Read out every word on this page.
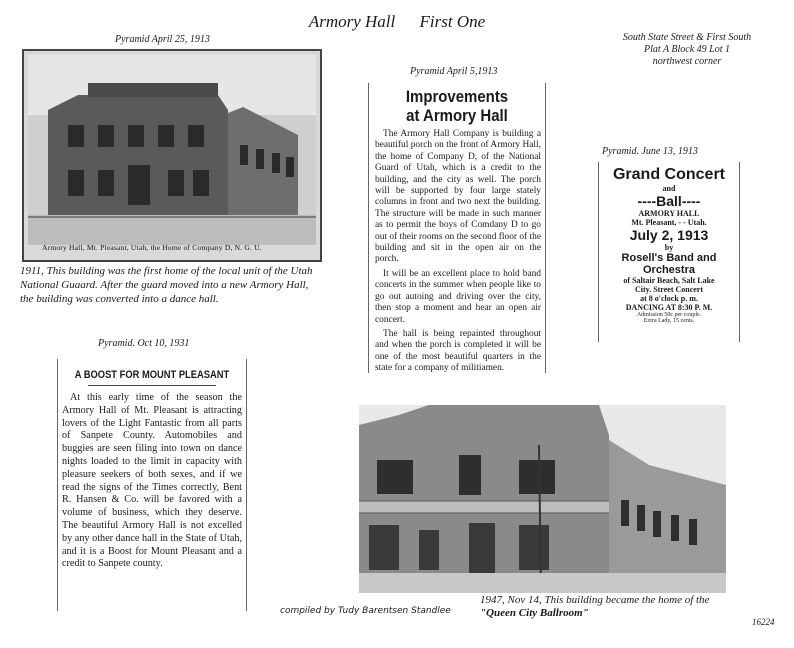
Armory Hall First One
South State Street & First South
Plat A Block 49 Lot 1
northwest corner
Pyramid April 25, 1913
Armory Hall, Mt. Pleasant, Utah, the Home of Company D, N. G. U.
1911, This building was the first home of the local unit of the Utah National Guaard. After the guard moved into a new Armory Hall, the building was converted into a dance hall.
Pyramid April 5,1913
Improvements
at Armory Hall

The Armory Hall Company is building a beautiful porch on the front of Armory Hall, the home of Company D, of the National Guard of Utah, which is a credit to the building, and the city as well. The porch will be supported by four large stately columns in front and two next the building. The structure will be made in such manner as to permit the boys of Comdany D to go out of their rooms on the second floor of the building and sit in the open air on the porch.

It will be an excellent place to hold band concerts in the summer when people like to go out autoing and driving over the city, then stop a moment and hear an open air concert.

The hall is being repainted throughout and when the porch is completed it will be one of the most beautiful quarters in the state for a company of militiamen.

Pyramid. June 13, 1913
Grand Concert
and
----Ball----
ARMORY HALL
Mt. Pleasant, - - Utah.
July 2, 1913
by
Rosell's Band and
Orchestra
of Saltair Beach, Salt Lake
City. Street Concert
at 8 o'clock p. m.
DANCING AT 8:30 P. M.
Admission 50c per couple.
Extra Lady, 15 cents.
Pyramid. Oct 10, 1931
A BOOST FOR MOUNT PLEASANT
At this early time of the season the Armory Hall of Mt. Pleasant is attracting lovers of the Light Fantastic from all parts of Sanpete County. Automobiles and buggies are seen filing into town on dance nights loaded to the limit in capacity with pleasure seekers of both sexes, and if we read the signs of the Times correctly, Bent R. Hansen & Co. will be favored with a volume of business, which they deserve. The beautiful Armory Hall is not excelled by any other dance hall in the State of Utah, and it is a Boost for Mount Pleasant and a credit to Sanpete county.
1947, Nov 14, This building became the home of the "Queen City Ballroom"
compiled by Tudy Barentsen Standlee
16224
